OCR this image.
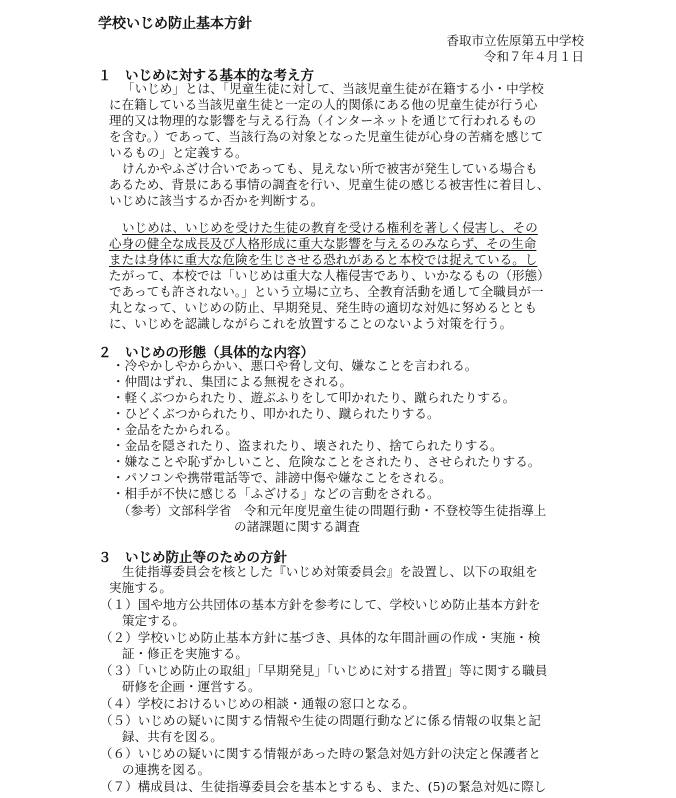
学校いじめ防止基本方針
香取市立佐原第五中学校
令和７年４月１日
１　いじめに対する基本的な考え方
「いじめ」とは、「児童生徒に対して、当該児童生徒が在籍する小・中学校
に在籍している当該児童生徒と一定の人的関係にある他の児童生徒が行う心
理的又は物理的な影響を与える行為（インターネットを通じて行われるもの
を含む。）であって、当該行為の対象となった児童生徒が心身の苦痛を感じて
いるもの」と定義する。
けんかやふざけ合いであっても、見えない所で被害が発生している場合も
あるため、背景にある事情の調査を行い、児童生徒の感じる被害性に着目し、
いじめに該当するか否かを判断する。
いじめは、いじめを受けた生徒の教育を受ける権利を著しく侵害し、その
心身の健全な成長及び人格形成に重大な影響を与えるのみならず、その生命
または身体に重大な危険を生じさせる恐れがあると本校では捉えている。し
たがって、本校では「いじめは重大な人権侵害であり、いかなるもの（形態）
であっても許されない。」という立場に立ち、全教育活動を通して全職員が一
丸となって、いじめの防止、早期発見、発生時の適切な対処に努めるととも
に、いじめを認識しながらこれを放置することのないよう対策を行う。
２　いじめの形態（具体的な内容）
・冷やかしやからかい、悪口や脅し文句、嫌なことを言われる。
・仲間はずれ、集団による無視をされる。
・軽くぶつかられたり、遊ぶふりをして叩かれたり、蹴られたりする。
・ひどくぶつかられたり、叩かれたり、蹴られたりする。
・金品をたかられる。
・金品を隠されたり、盗まれたり、壊されたり、捨てられたりする。
・嫌なことや恥ずかしいこと、危険なことをされたり、させられたりする。
・パソコンや携帯電話等で、誹謗中傷や嫌なことをされる。
・相手が不快に感じる「ふざける」などの言動をされる。
（参考）文部科学省　令和元年度児童生徒の問題行動・不登校等生徒指導上
の諸課題に関する調査
３　いじめ防止等のための方針
生徒指導委員会を核とした『いじめ対策委員会』を設置し、以下の取組を
実施する。
（１）国や地方公共団体の基本方針を参考にして、学校いじめ防止基本方針を
策定する。
（２）学校いじめ防止基本方針に基づき、具体的な年間計画の作成・実施・検
証・修正を実施する。
（３）「いじめ防止の取組」「早期発見」「いじめに対する措置」等に関する職員
研修を企画・運営する。
（４）学校におけるいじめの相談・通報の窓口となる。
（５）いじめの疑いに関する情報や生徒の問題行動などに係る情報の収集と記
録、共有を図る。
（６）いじめの疑いに関する情報があった時の緊急対処方針の決定と保護者と
の連携を図る。
（７）構成員は、生徒指導委員会を基本とするも、また、(5)の緊急対処に際し
